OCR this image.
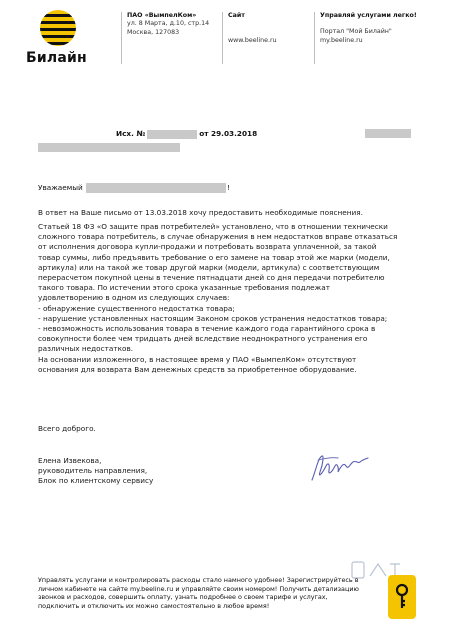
Билайн
ПАО «ВымпелКом»
ул. 8 Марта, д.10, стр.14
Москва, 127083
Сайт
www.beeline.ru
Управляй услугами легко!
Портал "Мой Билайн"
my.beeline.ru
Исх. №	от 29.03.2018
Уважаемый	!
В ответ на Ваше письмо от 13.03.2018 хочу предоставить необходимые пояснения.
Статьей 18 ФЗ «О защите прав потребителей» установлено, что в отношении технически
сложного товара потребитель, в случае обнаружения в нем недостатков вправе отказаться
от исполнения договора купли-продажи и потребовать возврата уплаченной, за такой
товар суммы, либо предъявить требование о его замене на товар этой же марки (модели,
артикула) или на такой же товар другой марки (модели, артикула) с соответствующим
перерасчетом покупной цены в течение пятнадцати дней со дня передачи потребителю
такого товара. По истечении этого срока указанные требования подлежат
удовлетворению в одном из следующих случаев:
- обнаружение существенного недостатка товара;
- нарушение установленных настоящим Законом сроков устранения недостатков товара;
- невозможность использования товара в течение каждого года гарантийного срока в
совокупности более чем тридцать дней вследствие неоднократного устранения его
различных недостатков.
На основании изложенного, в настоящее время у ПАО «ВымпелКом» отсутствуют
основания для возврата Вам денежных средств за приобретенное оборудование.
Всего доброго.
Елена Извекова,
руководитель направления,
Блок по клиентскому сервису
Управлять услугами и контролировать расходы стало намного удобнее! Зарегистрируйтесь в
личном кабинете на сайте my.beeline.ru и управляйте своим номером! Получить детализацию
звонков и расходов, совершить оплату, узнать подробнее о своем тарифе и услугах,
подключить и отключить их можно самостоятельно в любое время!
